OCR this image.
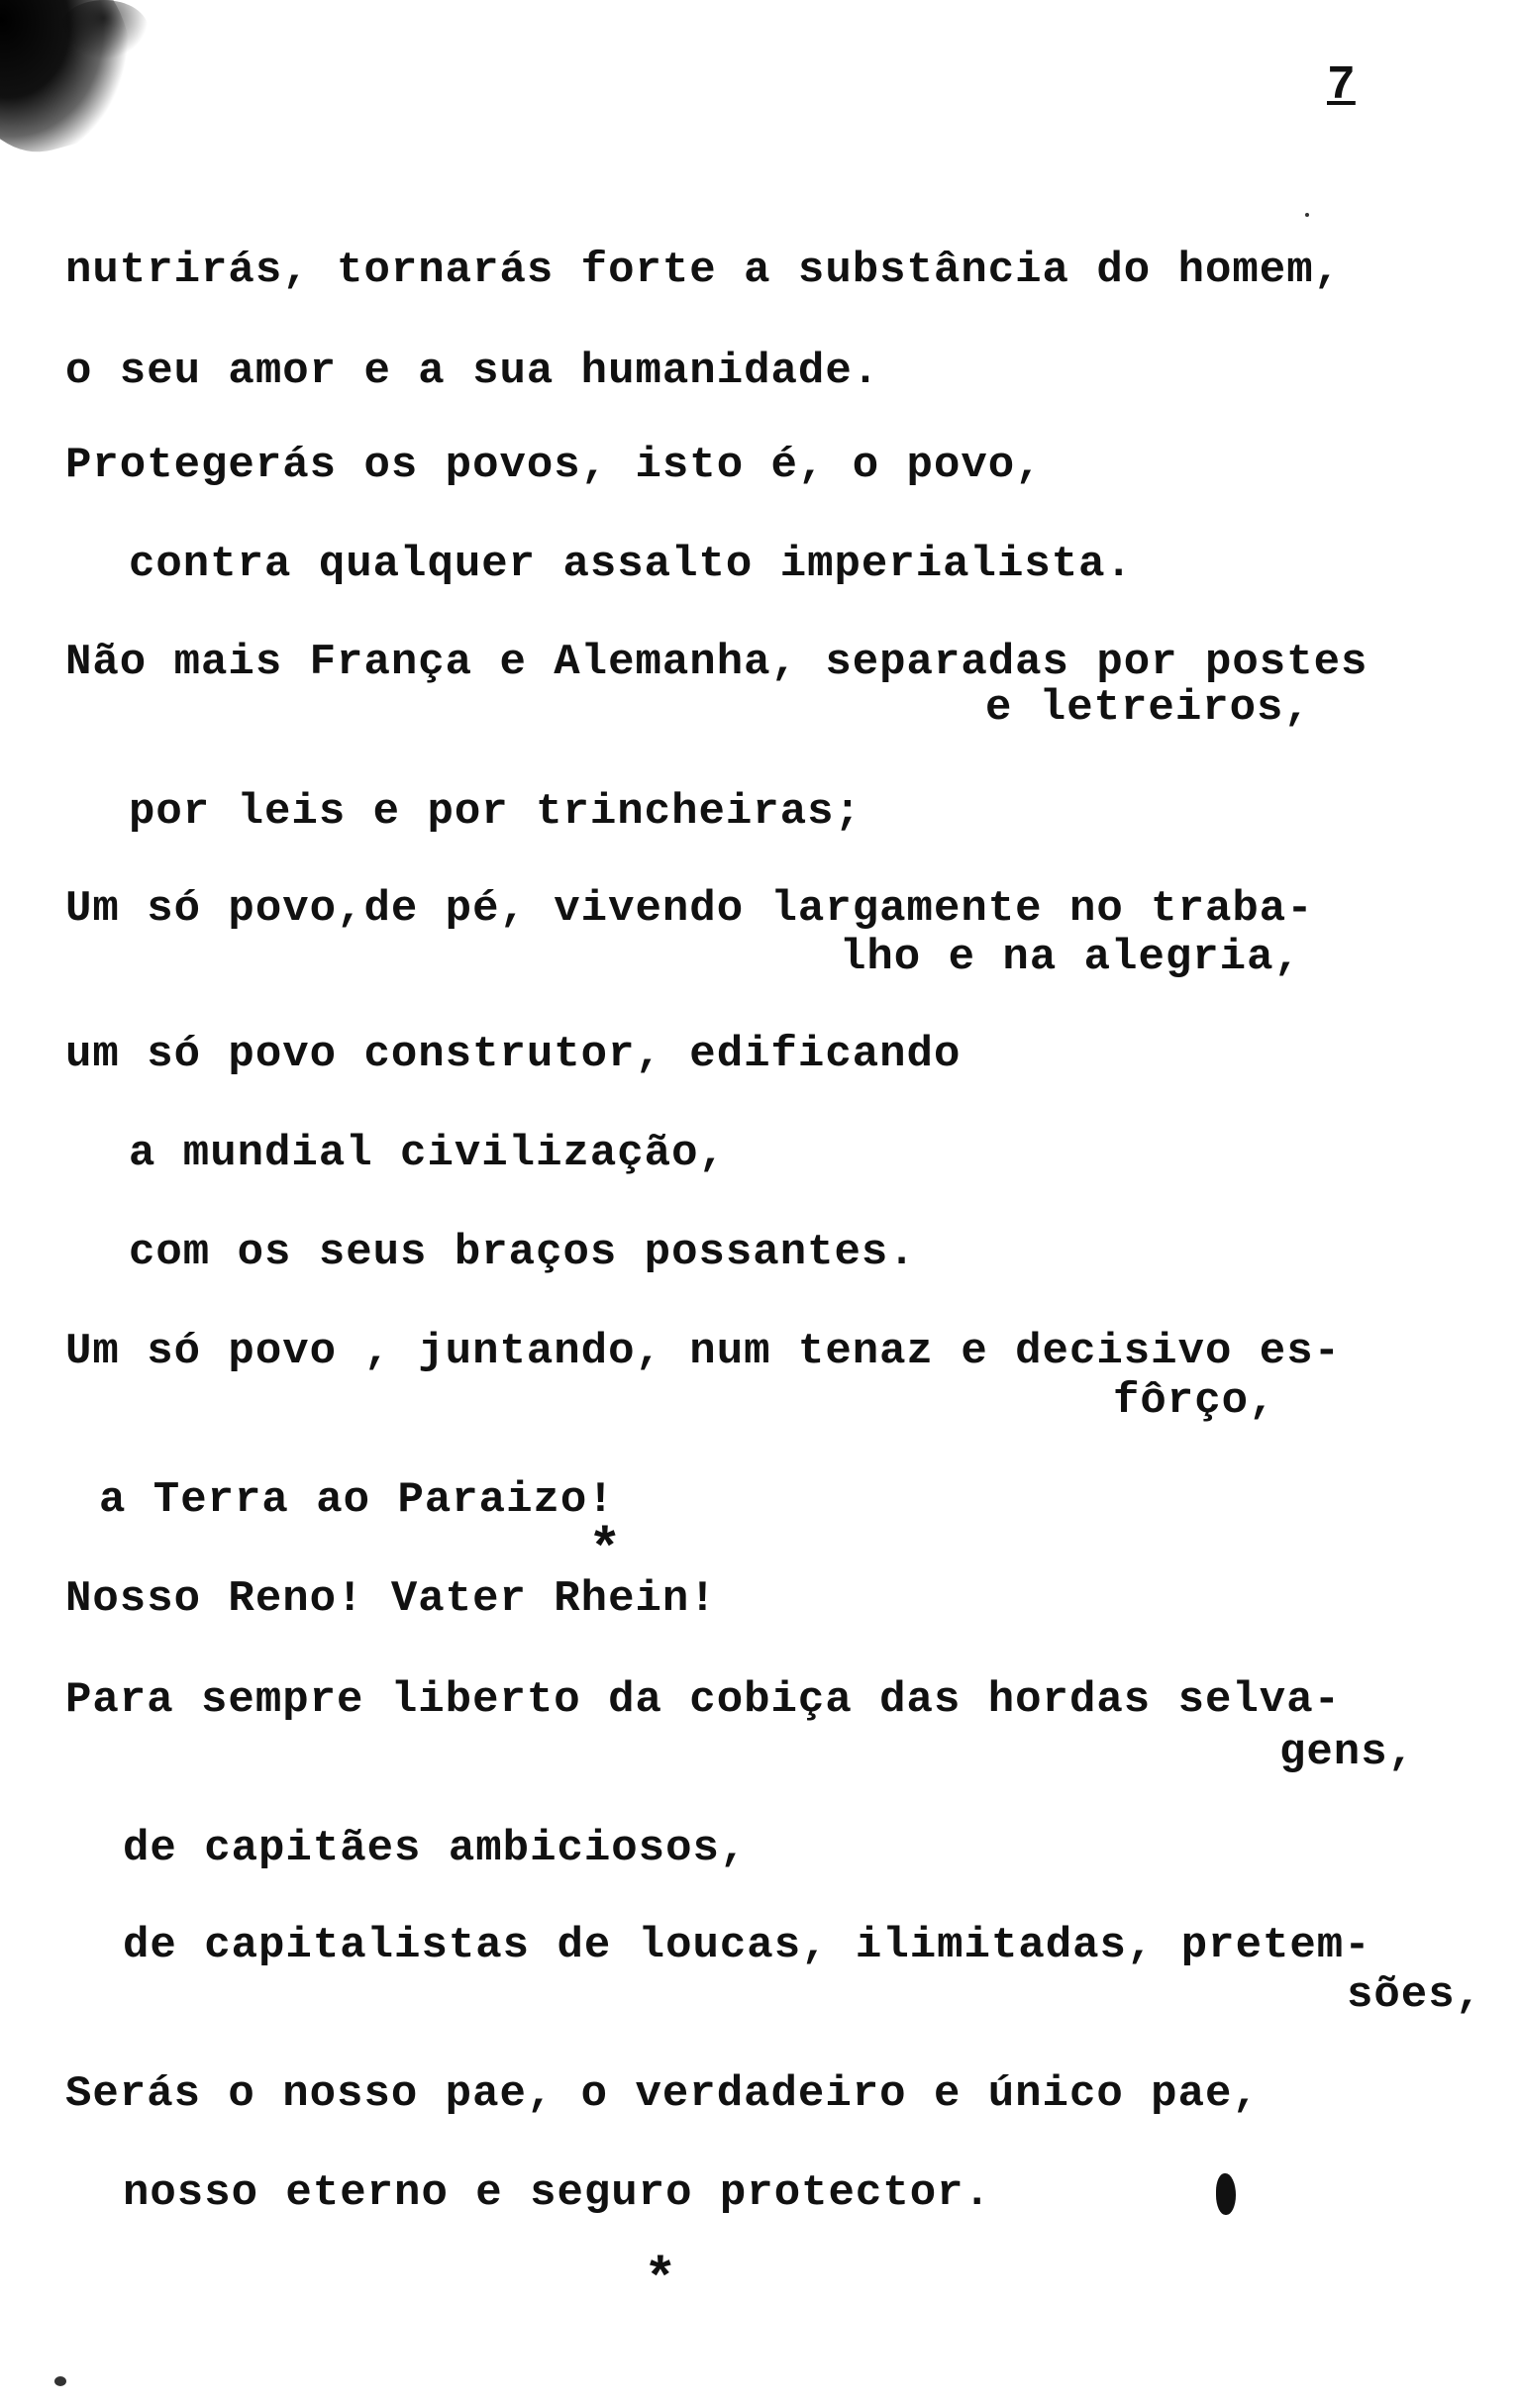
7
nutrirás, tornarás forte a substância do homem,
o seu amor e a sua humanidade.
Protegerás os povos, isto é, o povo,
contra qualquer assalto imperialista.
Não mais França e Alemanha, separadas por postes
e letreiros,
por leis e por trincheiras;
Um só povo,de pé, vivendo largamente no traba-
lho e na alegria,
um só povo construtor, edificando
a mundial civilização,
com os seus braços possantes.
Um só povo , juntando, num tenaz e decisivo es-
fôrço,
a Terra ao Paraizo!
*
Nosso Reno! Vater Rhein!
Para sempre liberto da cobiça das hordas selva-
gens,
de capitães ambiciosos,
de capitalistas de loucas, ilimitadas, pretem-
sões,
Serás o nosso pae, o verdadeiro e único pae,
nosso eterno e seguro protector.
*
